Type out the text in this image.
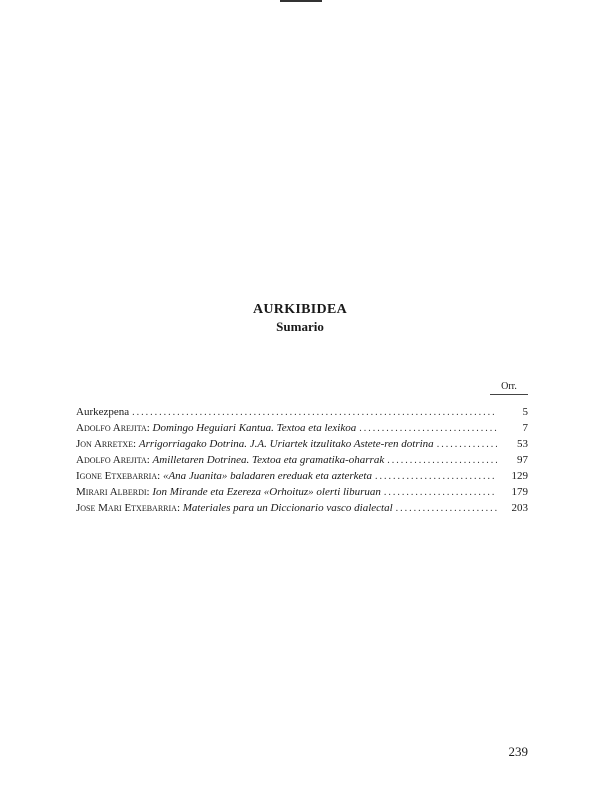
AURKIBIDEA
Sumario
Orr.
Aurkezpena .....	5
Adolfo Arejita: Domingo Heguiari Kantua. Textoa eta lexikoa .....	7
Jon Arretxe: Arrigorriagako Dotrina. J.A. Uriartek itzulitako Astete-ren dotrina .....	53
Adolfo Arejita: Amilletaren Dotrinea. Textoa eta gramatika-oharrak .....	97
Igone Etxebarria: «Ana Juanita» baladaren ereduak eta azterketa .....	129
Mirari Alberdi: Ion Mirande eta Ezereza «Orhoituz» olerti liburuan .....	179
Jose Mari Etxebarria: Materiales para un Diccionario vasco dialectal .....	203
239
